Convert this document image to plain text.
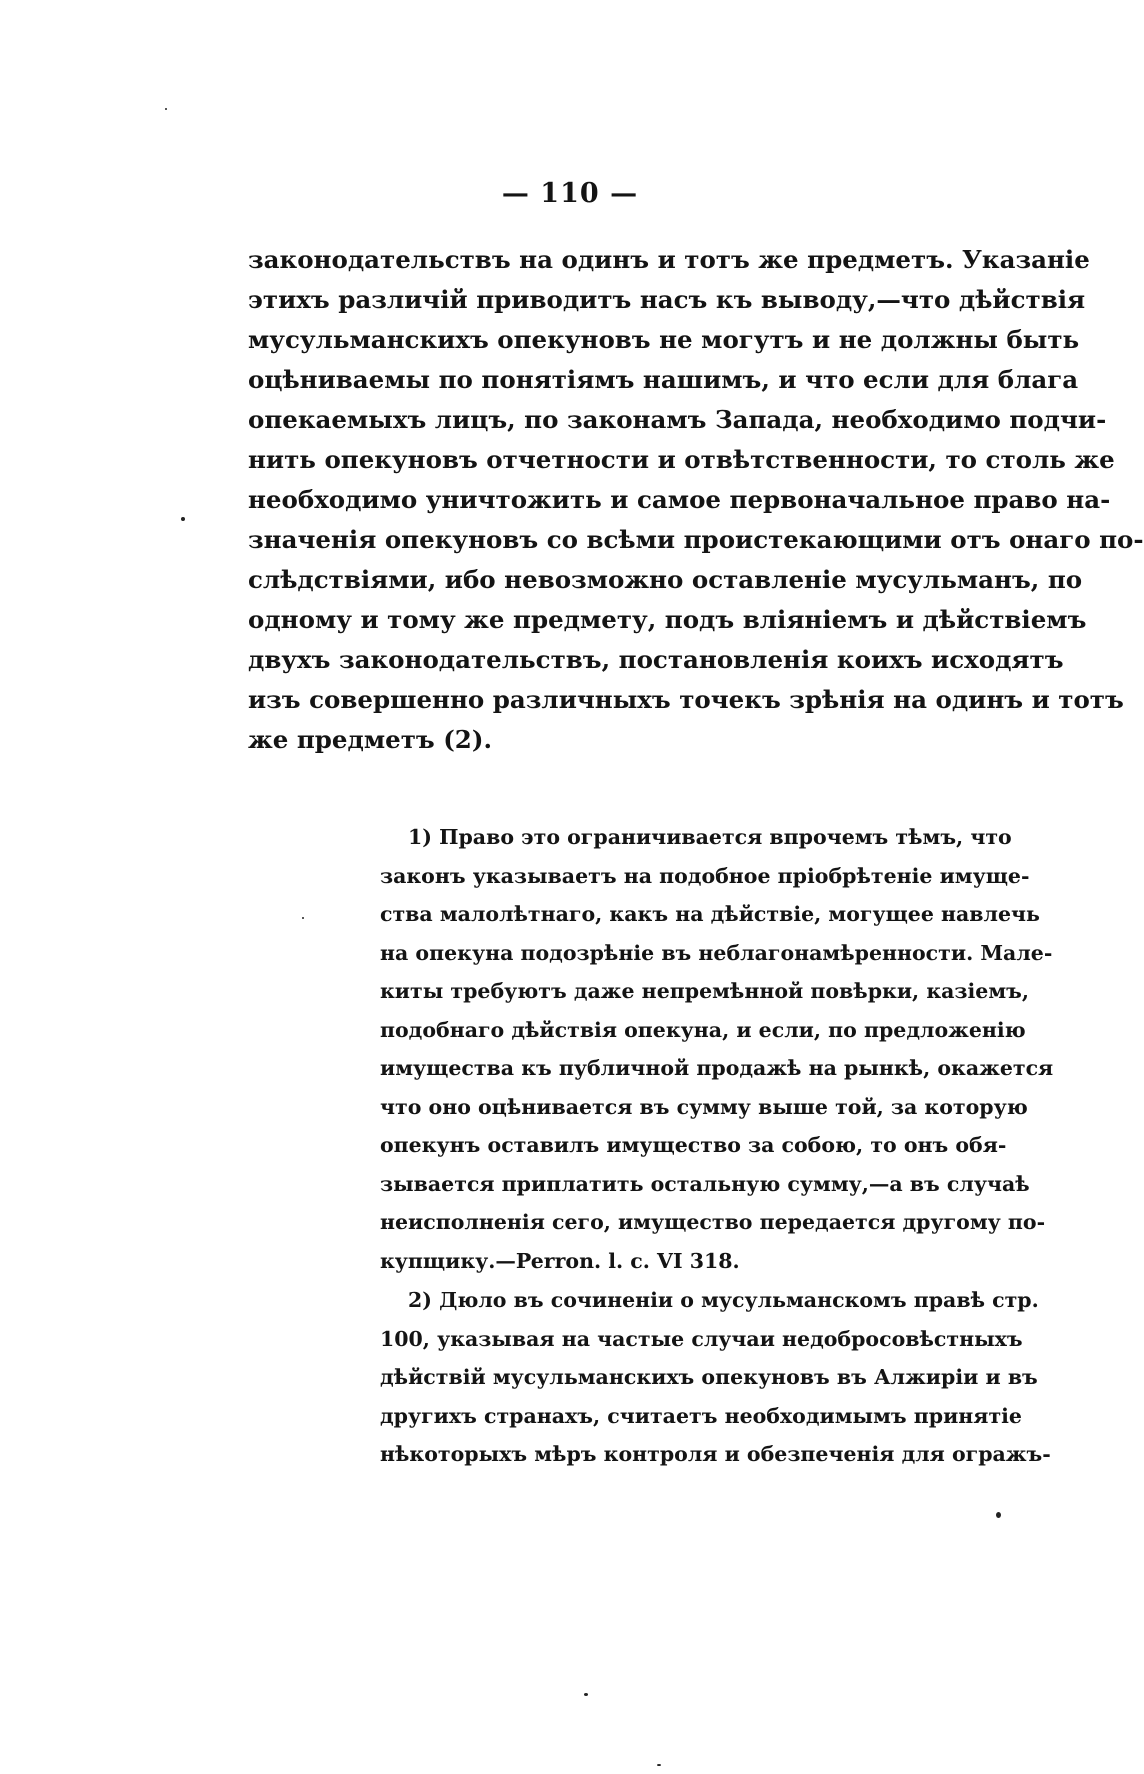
— 110 —
законодательствъ на одинъ и тотъ же предметъ. Указаніе
этихъ различій приводитъ насъ къ выводу,—что дѣйствія
мусульманскихъ опекуновъ не могутъ и не должны быть
оцѣниваемы по понятіямъ нашимъ, и что если для блага
опекаемыхъ лицъ, по законамъ Запада, необходимо подчи-
нить опекуновъ отчетности и отвѣтственности, то столь же
необходимо уничтожить и самое первоначальное право на-
значенія опекуновъ со всѣми проистекающими отъ онаго по-
слѣдствіями, ибо невозможно оставленіе мусульманъ, по
одному и тому же предмету, подъ вліяніемъ и дѣйствіемъ
двухъ законодательствъ, постановленія коихъ исходятъ
изъ совершенно различныхъ точекъ зрѣнія на одинъ и тотъ
же предметъ (2).
1) Право это ограничивается впрочемъ тѣмъ, что
законъ указываетъ на подобное пріобрѣтеніе имуще-
ства малолѣтнаго, какъ на дѣйствіе, могущее навлечь
на опекуна подозрѣніе въ неблагонамѣренности. Мале-
киты требуютъ даже непремѣнной повѣрки, казіемъ,
подобнаго дѣйствія опекуна, и если, по предложенію
имущества къ публичной продажѣ на рынкѣ, окажется
что оно оцѣнивается въ сумму выше той, за которую
опекунъ оставилъ имущество за собою, то онъ обя-
зывается приплатить остальную сумму,—а въ случаѣ
неисполненія сего, имущество передается другому по-
купщику.—Perron. l. c. VI 318.
2) Дюло въ сочиненіи о мусульманскомъ правѣ стр.
100, указывая на частые случаи недобросовѣстныхъ
дѣйствій мусульманскихъ опекуновъ въ Алжиріи и въ
другихъ странахъ, считаетъ необходимымъ принятіе
нѣкоторыхъ мѣръ контроля и обезпеченія для огражъ-
